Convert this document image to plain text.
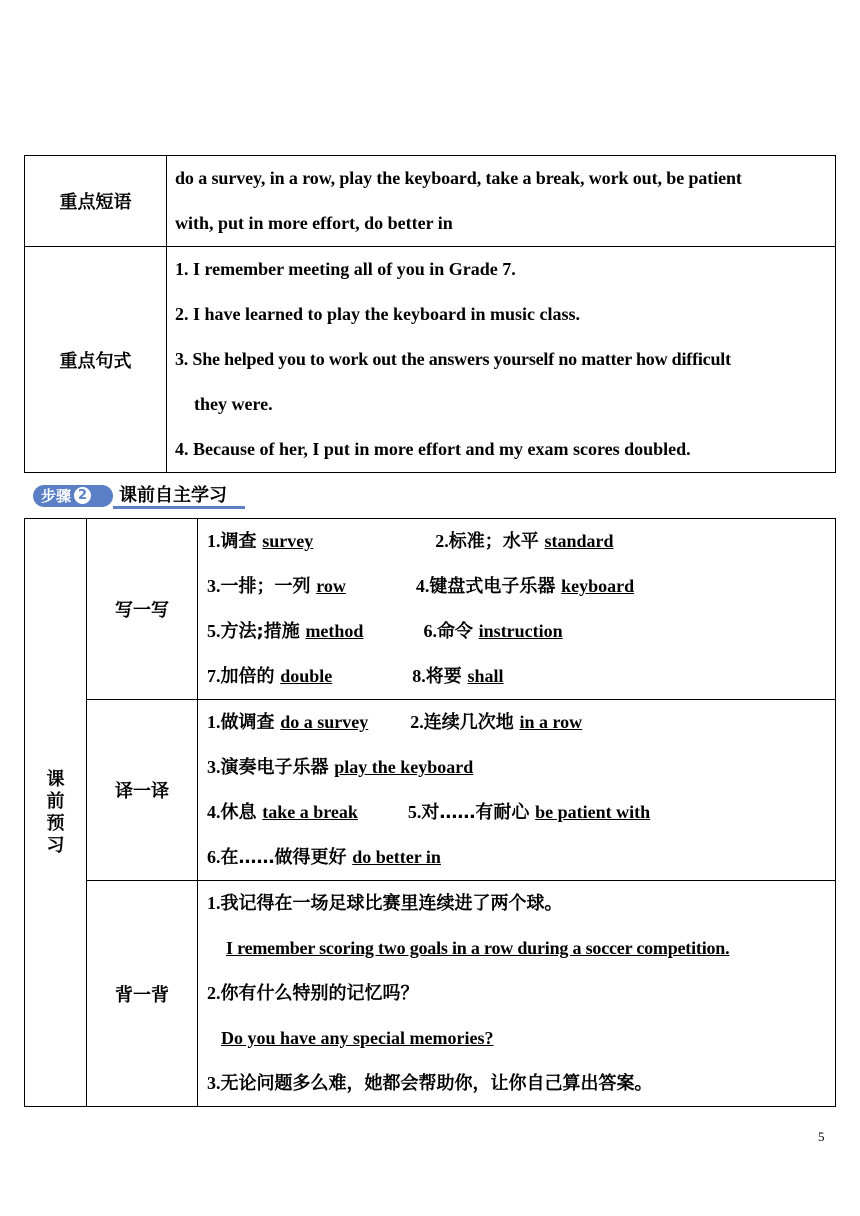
重点短语	do a survey, in a row, play the keyboard, take a break, work out, be patient
with, put in more effort, do better in

重点句式	1. I remember meeting all of you in Grade 7.
2. I have learned to play the keyboard in music class.
3. She helped you to work out the answers yourself no matter how difficult
they were.
4. Because of her, I put in more effort and my exam scores doubled.
步骤 2	课前自主学习
课
前
预
习	写一写	1.调查 survey 2.标准；水平 standard
3.一排；一列 row 4.键盘式电子乐器 keyboard
5.方法;措施 method 6.命令 instruction
7.加倍的 double 8.将要 shall

	译一译	1.做调查 do a survey 2.连续几次地 in a row
3.演奏电子乐器 play the keyboard
4.休息 take a break 5.对……有耐心 be patient with
6.在……做得更好 do better in

	背一背	1.我记得在一场足球比赛里连续进了两个球。
I remember scoring two goals in a row during a soccer competition.
2.你有什么特别的记忆吗？
Do you have any special memories?
3.无论问题多么难，她都会帮助你，让你自己算出答案。
5
